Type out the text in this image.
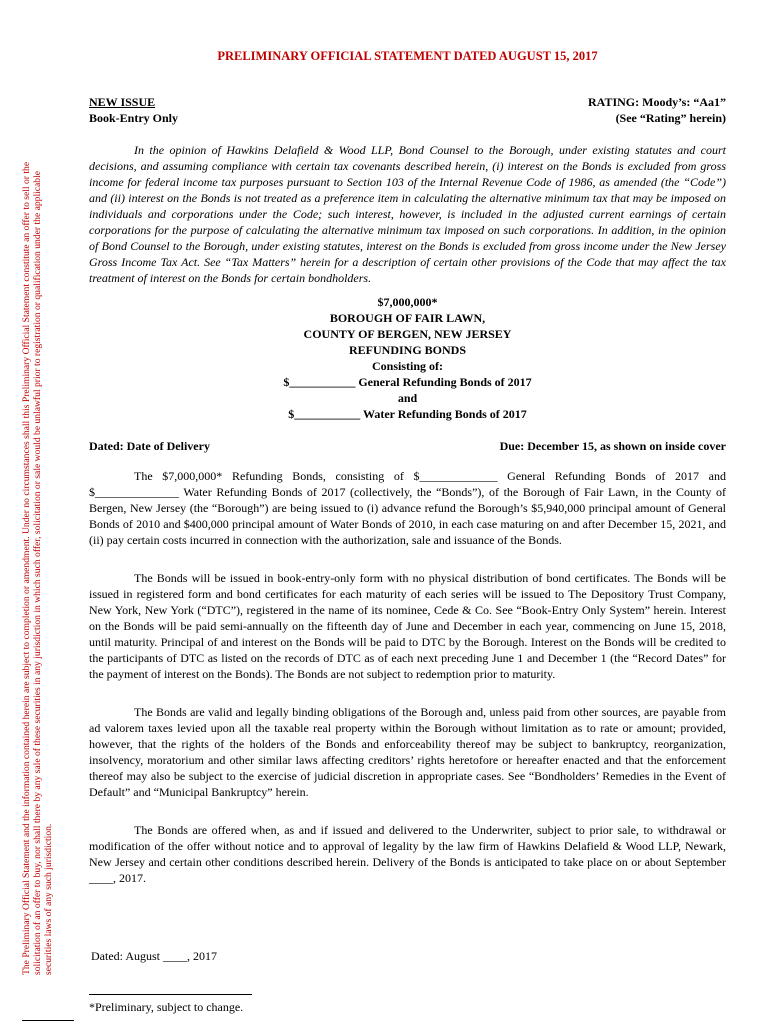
The Preliminary Official Statement and the information contained herein are subject to completion or amendment. Under no circumstances shall this Preliminary Official Statement constitute an offer to sell or the solicitation of an offer to buy, nor shall there by any sale of these securities in any jurisdiction in which such offer, solicitation or sale would be unlawful prior to registration or qualification under the applicable securities laws of any such jurisdiction.
PRELIMINARY OFFICIAL STATEMENT DATED AUGUST 15, 2017
NEW ISSUE
Book-Entry Only
RATING: Moody’s: “Aa1”
(See “Rating” herein)

In the opinion of Hawkins Delafield & Wood LLP, Bond Counsel to the Borough, under existing statutes and court decisions, and assuming compliance with certain tax covenants described herein, (i) interest on the Bonds is excluded from gross income for federal income tax purposes pursuant to Section 103 of the Internal Revenue Code of 1986, as amended (the “Code”) and (ii) interest on the Bonds is not treated as a preference item in calculating the alternative minimum tax that may be imposed on individuals and corporations under the Code; such interest, however, is included in the adjusted current earnings of certain corporations for the purpose of calculating the alternative minimum tax imposed on such corporations. In addition, in the opinion of Bond Counsel to the Borough, under existing statutes, interest on the Bonds is excluded from gross income under the New Jersey Gross Income Tax Act. See “Tax Matters” herein for a description of certain other provisions of the Code that may affect the tax treatment of interest on the Bonds for certain bondholders.

$7,000,000*
BOROUGH OF FAIR LAWN,
COUNTY OF BERGEN, NEW JERSEY
REFUNDING BONDS
Consisting of:
$___________ General Refunding Bonds of 2017
and
$___________ Water Refunding Bonds of 2017
Dated: Date of Delivery	Due: December 15, as shown on inside cover

The $7,000,000* Refunding Bonds, consisting of $_____________ General Refunding Bonds of 2017 and $______________ Water Refunding Bonds of 2017 (collectively, the “Bonds”), of the Borough of Fair Lawn, in the County of Bergen, New Jersey (the “Borough”) are being issued to (i) advance refund the Borough’s $5,940,000 principal amount of General Bonds of 2010 and $400,000 principal amount of Water Bonds of 2010, in each case maturing on and after December 15, 2021, and (ii) pay certain costs incurred in connection with the authorization, sale and issuance of the Bonds.

The Bonds will be issued in book-entry-only form with no physical distribution of bond certificates. The Bonds will be issued in registered form and bond certificates for each maturity of each series will be issued to The Depository Trust Company, New York, New York (“DTC”), registered in the name of its nominee, Cede & Co. See “Book-Entry Only System” herein. Interest on the Bonds will be paid semi-annually on the fifteenth day of June and December in each year, commencing on June 15, 2018, until maturity. Principal of and interest on the Bonds will be paid to DTC by the Borough. Interest on the Bonds will be credited to the participants of DTC as listed on the records of DTC as of each next preceding June 1 and December 1 (the “Record Dates” for the payment of interest on the Bonds). The Bonds are not subject to redemption prior to maturity.

The Bonds are valid and legally binding obligations of the Borough and, unless paid from other sources, are payable from ad valorem taxes levied upon all the taxable real property within the Borough without limitation as to rate or amount; provided, however, that the rights of the holders of the Bonds and enforceability thereof may be subject to bankruptcy, reorganization, insolvency, moratorium and other similar laws affecting creditors’ rights heretofore or hereafter enacted and that the enforcement thereof may also be subject to the exercise of judicial discretion in appropriate cases. See “Bondholders’ Remedies in the Event of Default” and “Municipal Bankruptcy” herein.

The Bonds are offered when, as and if issued and delivered to the Underwriter, subject to prior sale, to withdrawal or modification of the offer without notice and to approval of legality by the law firm of Hawkins Delafield & Wood LLP, Newark, New Jersey and certain other conditions described herein. Delivery of the Bonds is anticipated to take place on or about September ____, 2017.

Dated: August ____, 2017
*Preliminary, subject to change.
